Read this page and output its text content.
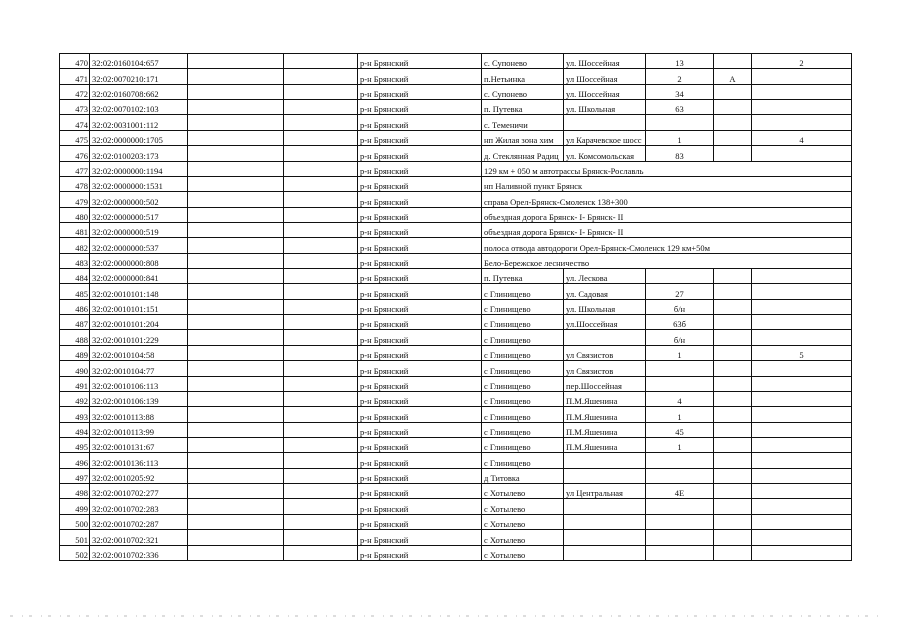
470	32:02:0160104:657			р-н Брянский	с. Супонево	ул. Шоссейная	13		2
471	32:02:0070210:171			р-н Брянский	п.Нетьинка	ул Шоссейная	2	А	
472	32:02:0160708:662			р-н Брянский	с. Супонево	ул. Шоссейная	34		
473	32:02:0070102:103			р-н Брянский	п. Путевка	ул. Школьная	63		
474	32:02:0031001:112			р-н Брянский	с. Теменичи				
475	32:02:0000000:1705			р-н Брянский	нп Жилая зона хим	ул Карачевское шосс	1		4
476	32:02:0100203:173			р-н Брянский	д. Стеклянная Радиц	ул. Комсомольская	83		
477	32:02:0000000:1194			р-н Брянский	129 км + 050 м автотрассы Брянск-Рославль				
478	32:02:0000000:1531			р-н Брянский	нп Наливной пункт Брянск				
479	32:02:0000000:502			р-н Брянский	справа Орел-Брянск-Смоленск 138+300				
480	32:02:0000000:517			р-н Брянский	объездная дорога Брянск- I- Брянск- II				
481	32:02:0000000:519			р-н Брянский	объездная дорога Брянск- I- Брянск- II				
482	32:02:0000000:537			р-н Брянский	полоса отвода автодороги Орел-Брянск-Смоленск 129 км+50м				
483	32:02:0000000:808			р-н Брянский	Бело-Бережское лесничество				
484	32:02:0000000:841			р-н Брянский	п. Путевка	ул. Лескова			
485	32:02:0010101:148			р-н Брянский	с Глинищево	ул. Садовая	27		
486	32:02:0010101:151			р-н Брянский	с Глинищево	ул. Школьная	б/н		
487	32:02:0010101:204			р-н Брянский	с Глинищево	ул.Шоссейная	63б		
488	32:02:0010101:229			р-н Брянский	с Глинищево		б/н		
489	32:02:0010104:58			р-н Брянский	с Глинищево	ул Связистов	1		5
490	32:02:0010104:77			р-н Брянский	с Глинищево	ул Связистов			
491	32:02:0010106:113			р-н Брянский	с Глинищево	пер.Шоссейная			
492	32:02:0010106:139			р-н Брянский	с Глинищево	П.М.Яшенина	4		
493	32:02:0010113:88			р-н Брянский	с Глинищево	П.М.Яшенина	1		
494	32:02:0010113:99			р-н Брянский	с Глинищево	П.М.Яшенина	45		
495	32:02:0010131:67			р-н Брянский	с Глинищево	П.М.Яшенина	1		
496	32:02:0010136:113			р-н Брянский	с Глинищево				
497	32:02:0010205:92			р-н Брянский	д Титовка				
498	32:02:0010702:277			р-н Брянский	с Хотылево	ул Центральная	4Е		
499	32:02:0010702:283			р-н Брянский	с Хотылево				
500	32:02:0010702:287			р-н Брянский	с Хотылево				
501	32:02:0010702:321			р-н Брянский	с Хотылево				
502	32:02:0010702:336			р-н Брянский	с Хотылево				
